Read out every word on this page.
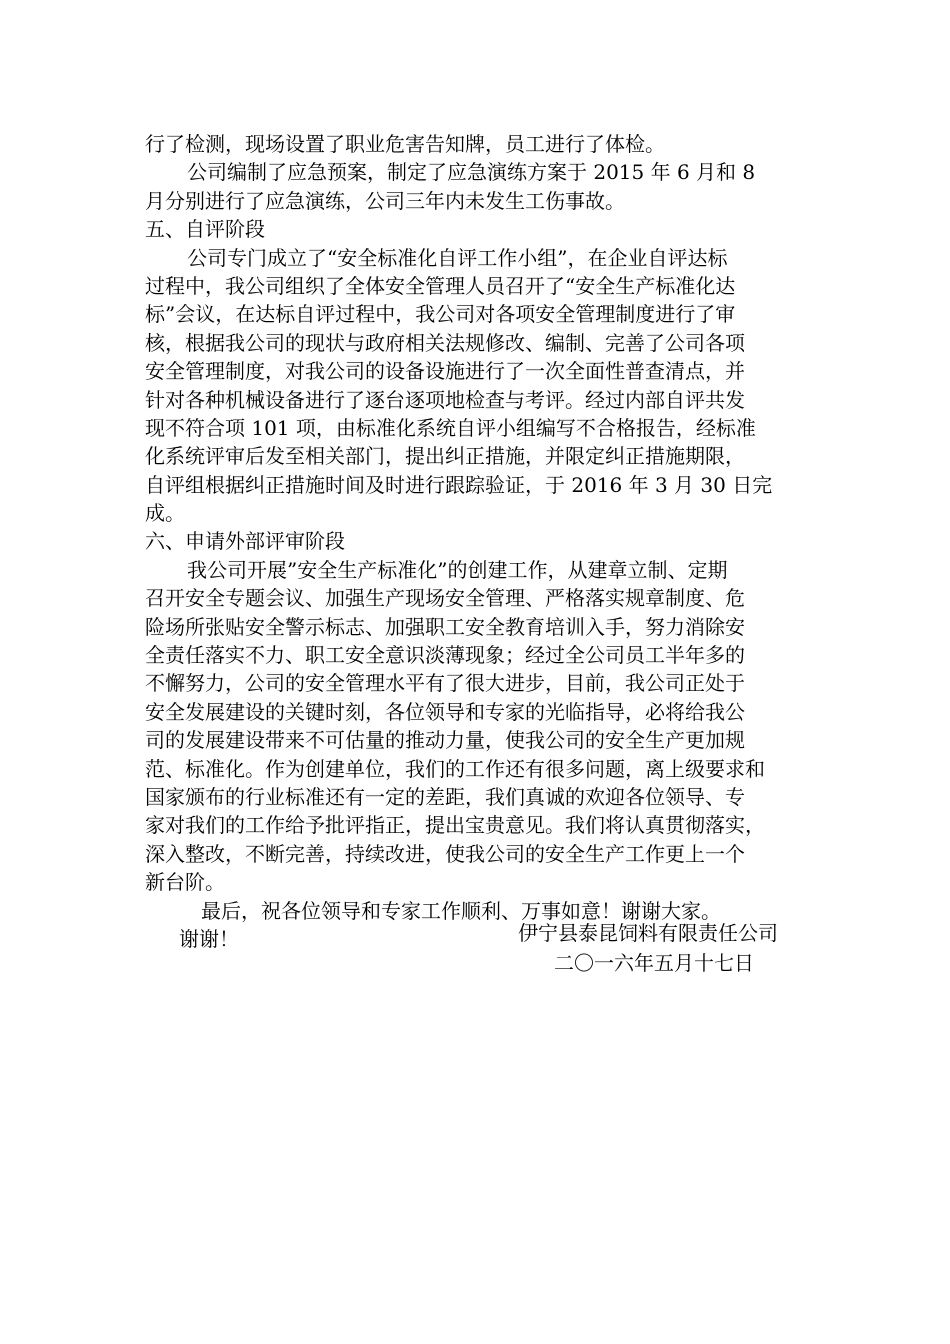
行了检测，现场设置了职业危害告知牌，员工进行了体检。
公司编制了应急预案，制定了应急演练方案于 2015 年 6 月和 8
月分别进行了应急演练，公司三年内未发生工伤事故。
五、自评阶段
公司专门成立了“安全标准化自评工作小组”，在企业自评达标
过程中，我公司组织了全体安全管理人员召开了“安全生产标准化达
标”会议，在达标自评过程中，我公司对各项安全管理制度进行了审
核，根据我公司的现状与政府相关法规修改、编制、完善了公司各项
安全管理制度，对我公司的设备设施进行了一次全面性普查清点，并
针对各种机械设备进行了逐台逐项地检查与考评。经过内部自评共发
现不符合项 101 项，由标准化系统自评小组编写不合格报告，经标准
化系统评审后发至相关部门，提出纠正措施，并限定纠正措施期限，
自评组根据纠正措施时间及时进行跟踪验证，于 2016 年 3 月 30 日完
成。
六、申请外部评审阶段
我公司开展”安全生产标准化”的创建工作，从建章立制、定期
召开安全专题会议、加强生产现场安全管理、严格落实规章制度、危
险场所张贴安全警示标志、加强职工安全教育培训入手，努力消除安
全责任落实不力、职工安全意识淡薄现象；经过全公司员工半年多的
不懈努力，公司的安全管理水平有了很大进步，目前，我公司正处于
安全发展建设的关键时刻，各位领导和专家的光临指导，必将给我公
司的发展建设带来不可估量的推动力量，使我公司的安全生产更加规
范、标准化。作为创建单位，我们的工作还有很多问题，离上级要求和
国家颁布的行业标准还有一定的差距，我们真诚的欢迎各位领导、专
家对我们的工作给予批评指正，提出宝贵意见。我们将认真贯彻落实，
深入整改，不断完善，持续改进，使我公司的安全生产工作更上一个
新台阶。
最后，祝各位领导和专家工作顺利、万事如意！谢谢大家。
谢谢！	伊宁县泰昆饲料有限责任公司
二〇一六年五月十七日
